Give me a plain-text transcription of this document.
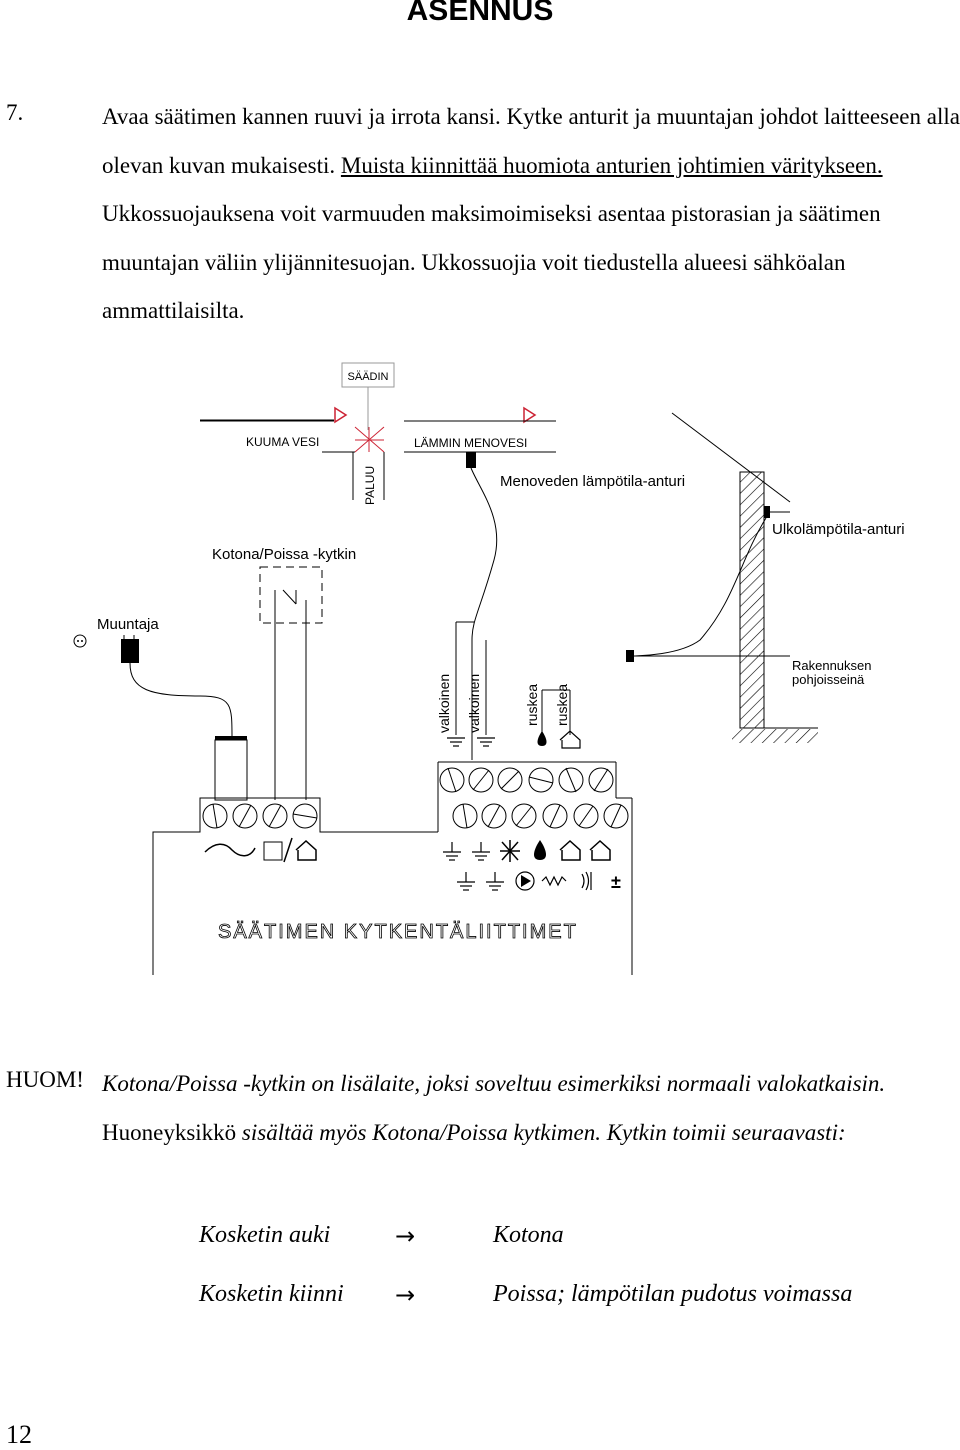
ASENNUS
7.	Avaa säätimen kannen ruuvi ja irrota kansi. Kytke anturit ja muuntajan johdot laitteeseen alla olevan kuvan mukaisesti. Muista kiinnittää huomiota anturien johtimien väritykseen. Ukkossuojauksena voit varmuuden maksimoimiseksi asentaa pistorasian ja säätimen muuntajan väliin ylijännitesuojan. Ukkossuojia voit tiedustella alueesi sähköalan ammattilaisilta.

SÄÄDIN
KUUMA VESI	LÄMMIN MENOVESI
PALUU	Menoveden lämpötila-anturi
Ulkolämpötila-anturi
Rakennuksen
pohjoisseinä
Kotona/Poissa -kytkin
Muuntaja
valkoinen valkoinen	ruskea ruskea
±
SÄÄTIMEN KYTKENTÄLIITTIMET
HUOM! Kotona/Poissa -kytkin on lisälaite, joksi soveltuu esimerkiksi normaali valokatkaisin. Huoneyksikkö sisältää myös Kotona/Poissa kytkimen. Kytkin toimii seuraavasti:

Kosketin auki	→	Kotona
Kosketin kiinni →	Poissa; lämpötilan pudotus voimassa
12
